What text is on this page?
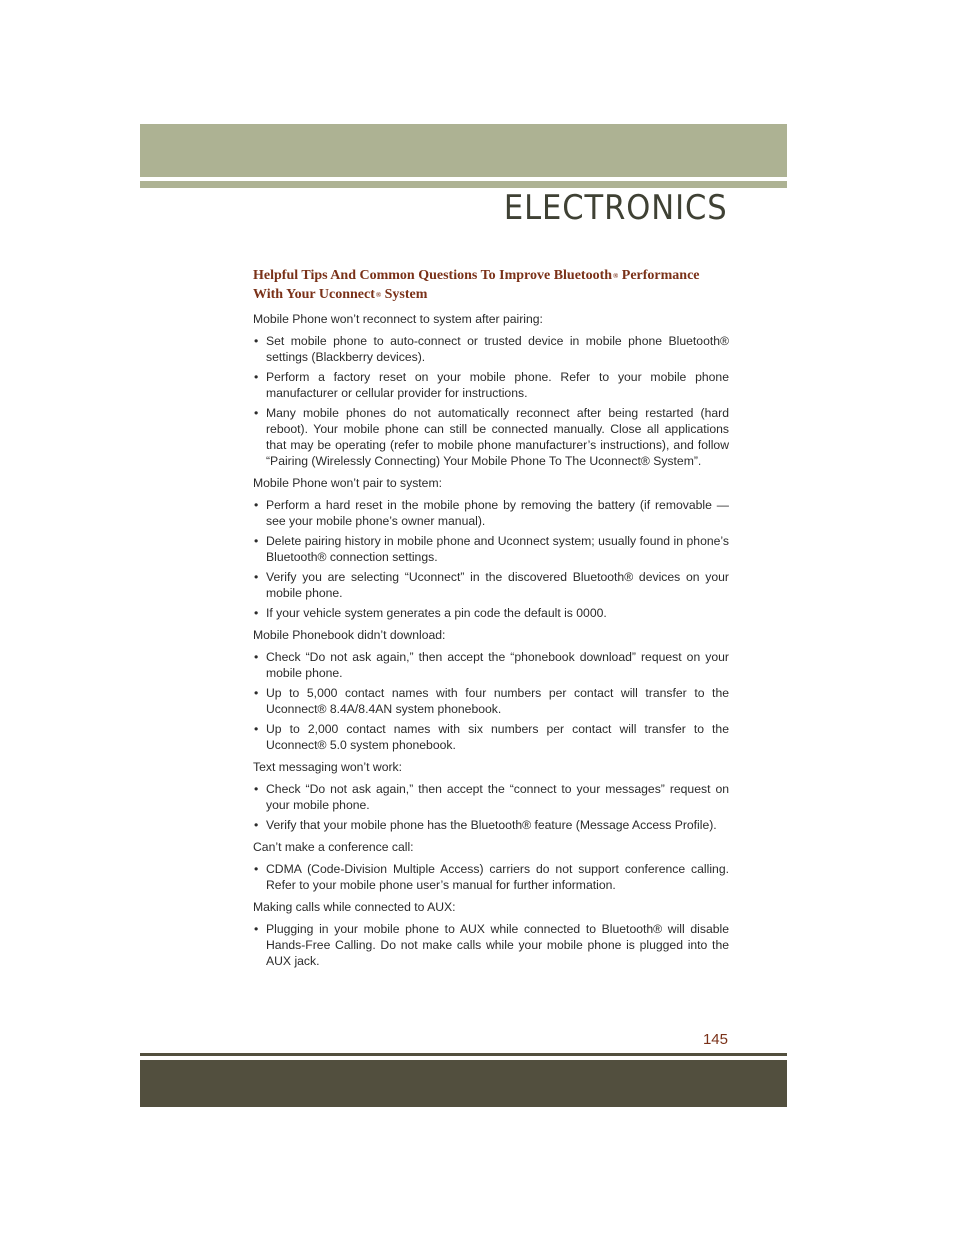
ELECTRONICS
Helpful Tips And Common Questions To Improve Bluetooth® Performance With Your Uconnect® System

Mobile Phone won’t reconnect to system after pairing:

• Set mobile phone to auto-connect or trusted device in mobile phone Bluetooth® settings (Blackberry devices).
• Perform a factory reset on your mobile phone. Refer to your mobile phone manufacturer or cellular provider for instructions.
• Many mobile phones do not automatically reconnect after being restarted (hard reboot). Your mobile phone can still be connected manually. Close all applications that may be operating (refer to mobile phone manufacturer’s instructions), and follow “Pairing (Wirelessly Connecting) Your Mobile Phone To The Uconnect® System”.

Mobile Phone won’t pair to system:

• Perform a hard reset in the mobile phone by removing the battery (if removable — see your mobile phone’s owner manual).
• Delete pairing history in mobile phone and Uconnect system; usually found in phone’s Bluetooth® connection settings.
• Verify you are selecting “Uconnect” in the discovered Bluetooth® devices on your mobile phone.
• If your vehicle system generates a pin code the default is 0000.

Mobile Phonebook didn’t download:

• Check “Do not ask again,” then accept the “phonebook download” request on your mobile phone.
• Up to 5,000 contact names with four numbers per contact will transfer to the Uconnect® 8.4A/8.4AN system phonebook.
• Up to 2,000 contact names with six numbers per contact will transfer to the Uconnect® 5.0 system phonebook.

Text messaging won’t work:

• Check “Do not ask again,” then accept the “connect to your messages” request on your mobile phone.
• Verify that your mobile phone has the Bluetooth® feature (Message Access Profile).

Can’t make a conference call:

• CDMA (Code-Division Multiple Access) carriers do not support conference calling. Refer to your mobile phone user’s manual for further information.

Making calls while connected to AUX:

• Plugging in your mobile phone to AUX while connected to Bluetooth® will disable Hands-Free Calling. Do not make calls while your mobile phone is plugged into the AUX jack.
145
